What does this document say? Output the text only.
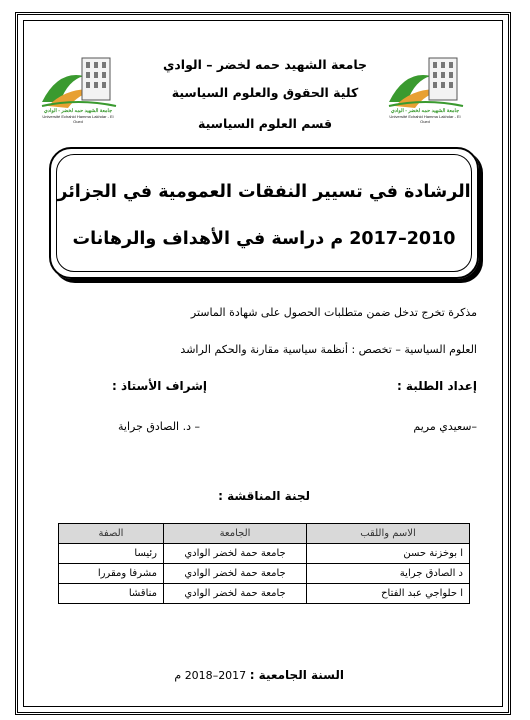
جامعة الشهيد حمه لخضر - الوادي
Université Echahid Hamma Lakhdar - El Oued
جامعة الشهيد حمه لخضر - الوادي
Université Echahid Hamma Lakhdar - El Oued
جامعة الشهيد حمه لخضر – الوادي
كلية الحقوق والعلوم السياسية
قسم العلوم السياسية
الرشادة في تسيير النفقات العمومية في الجزائر
2010–2017 م دراسة في الأهداف والرهانات
مذكرة تخرج تدخل ضمن متطلبات الحصول على شهادة الماستر
العلوم السياسية – تخصص : أنظمة سياسية مقارنة والحكم الراشد
إعداد الطلبة :
إشراف الأستاذ :
–سعيدي مريم
– د. الصادق جراية
لجنة المناقشة :
الاسم واللقب	الجامعة	الصفة
ا بوخزنة حسن	جامعة حمة لخضر الوادي	رئيسا
د الصادق جراية	جامعة حمة لخضر الوادي	مشرفا ومقررا
ا حلواجي عبد الفتاح	جامعة حمة لخضر الوادي	مناقشا
السنة الجامعية : 2017–2018 م
